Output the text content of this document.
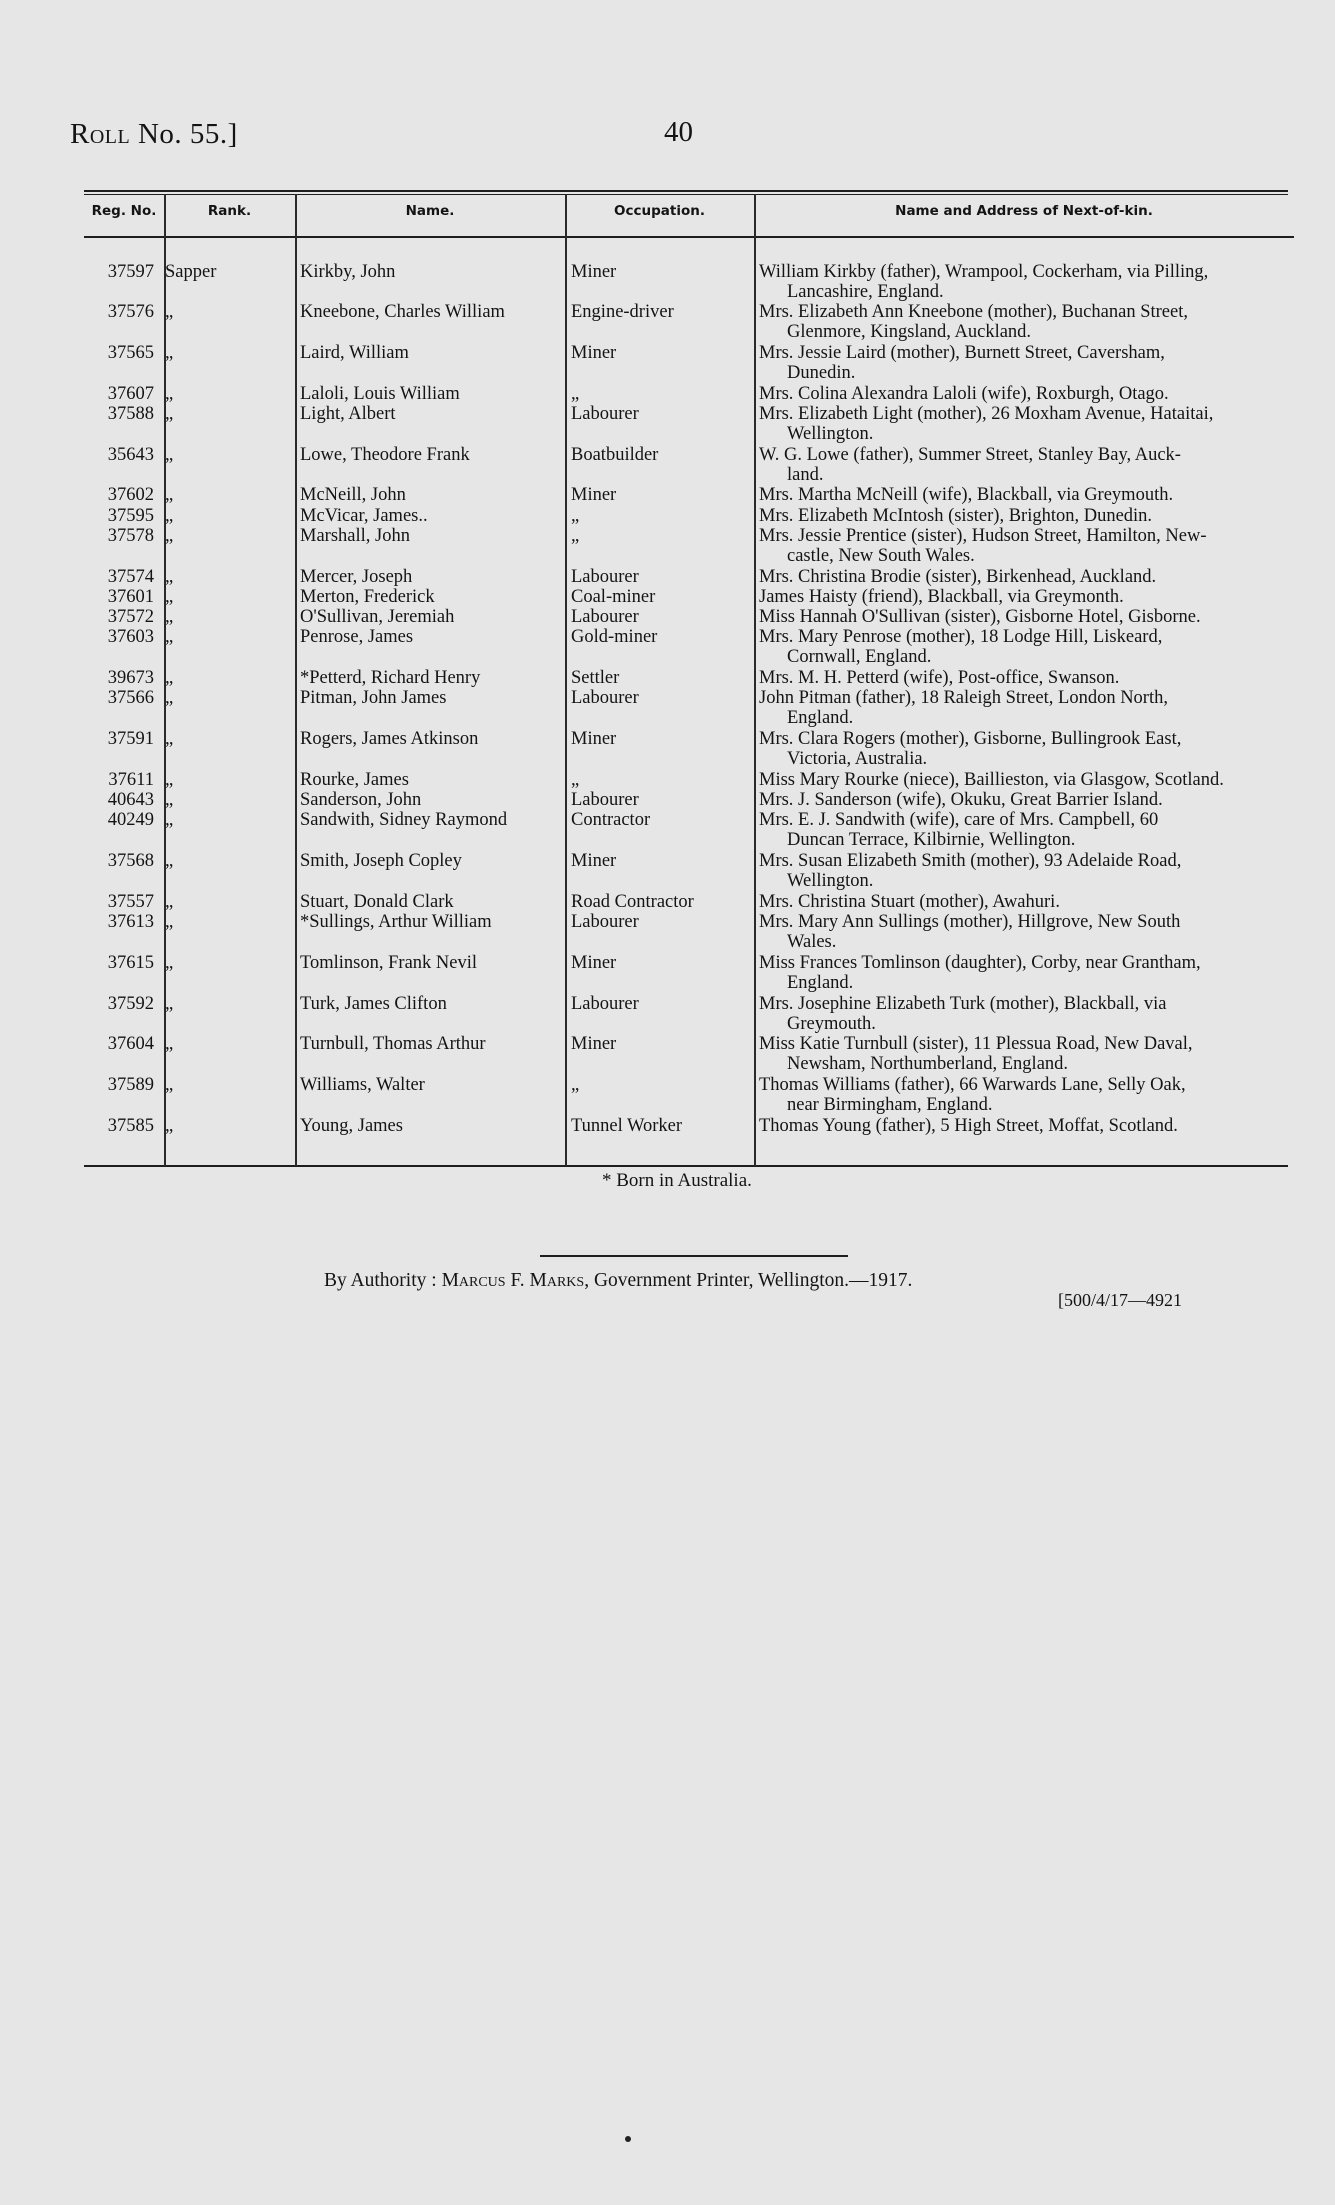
Roll No. 55.]	40
Reg. No.	Rank.	Name.	Occupation.	Name and Address of Next-of-kin.
37597 Sapper	Kirkby, John	Miner	William Kirkby (father), Wrampool, Cockerham, via Pilling,
Lancashire, England.
37576 „	Kneebone, Charles William	Engine-driver	Mrs. Elizabeth Ann Kneebone (mother), Buchanan Street,
Glenmore, Kingsland, Auckland.
37565 „	Laird, William	Miner	Mrs. Jessie Laird (mother), Burnett Street, Caversham,
Dunedin.
37607 „	Laloli, Louis William	„	Mrs. Colina Alexandra Laloli (wife), Roxburgh, Otago.
37588 „	Light, Albert	Labourer	Mrs. Elizabeth Light (mother), 26 Moxham Avenue, Hataitai,
Wellington.
35643 „	Lowe, Theodore Frank	Boatbuilder	W. G. Lowe (father), Summer Street, Stanley Bay, Auck-
land.
37602 „	McNeill, John	Miner	Mrs. Martha McNeill (wife), Blackball, via Greymouth.
37595 „	McVicar, James..	„	Mrs. Elizabeth McIntosh (sister), Brighton, Dunedin.
37578 „	Marshall, John	„	Mrs. Jessie Prentice (sister), Hudson Street, Hamilton, New-
castle, New South Wales.
37574 „	Mercer, Joseph	Labourer	Mrs. Christina Brodie (sister), Birkenhead, Auckland.
37601 „	Merton, Frederick	Coal-miner	James Haisty (friend), Blackball, via Greymonth.
37572 „	O'Sullivan, Jeremiah	Labourer	Miss Hannah O'Sullivan (sister), Gisborne Hotel, Gisborne.
37603 „	Penrose, James	Gold-miner	Mrs. Mary Penrose (mother), 18 Lodge Hill, Liskeard,
Cornwall, England.
39673 „	*Petterd, Richard Henry	Settler	Mrs. M. H. Petterd (wife), Post-office, Swanson.
37566 „	Pitman, John James	Labourer	John Pitman (father), 18 Raleigh Street, London North,
England.
37591 „	Rogers, James Atkinson	Miner	Mrs. Clara Rogers (mother), Gisborne, Bullingrook East,
Victoria, Australia.
37611 „	Rourke, James	„	Miss Mary Rourke (niece), Baillieston, via Glasgow, Scotland.
40643 „	Sanderson, John	Labourer	Mrs. J. Sanderson (wife), Okuku, Great Barrier Island.
40249 „	Sandwith, Sidney Raymond	Contractor	Mrs. E. J. Sandwith (wife), care of Mrs. Campbell, 60
Duncan Terrace, Kilbirnie, Wellington.
37568 „	Smith, Joseph Copley	Miner	Mrs. Susan Elizabeth Smith (mother), 93 Adelaide Road,
Wellington.
37557 „	Stuart, Donald Clark	Road Contractor	Mrs. Christina Stuart (mother), Awahuri.
37613 „	*Sullings, Arthur William	Labourer	Mrs. Mary Ann Sullings (mother), Hillgrove, New South
Wales.
37615 „	Tomlinson, Frank Nevil	Miner	Miss Frances Tomlinson (daughter), Corby, near Grantham,
England.
37592 „	Turk, James Clifton	Labourer	Mrs. Josephine Elizabeth Turk (mother), Blackball, via
Greymouth.
37604 „	Turnbull, Thomas Arthur	Miner	Miss Katie Turnbull (sister), 11 Plessua Road, New Daval,
Newsham, Northumberland, England.
37589 „	Williams, Walter	„	Thomas Williams (father), 66 Warwards Lane, Selly Oak,
near Birmingham, England.
37585 „	Young, James	Tunnel Worker	Thomas Young (father), 5 High Street, Moffat, Scotland.
* Born in Australia.
By Authority : Marcus F. Marks, Government Printer, Wellington.—1917.
[500/4/17—4921
